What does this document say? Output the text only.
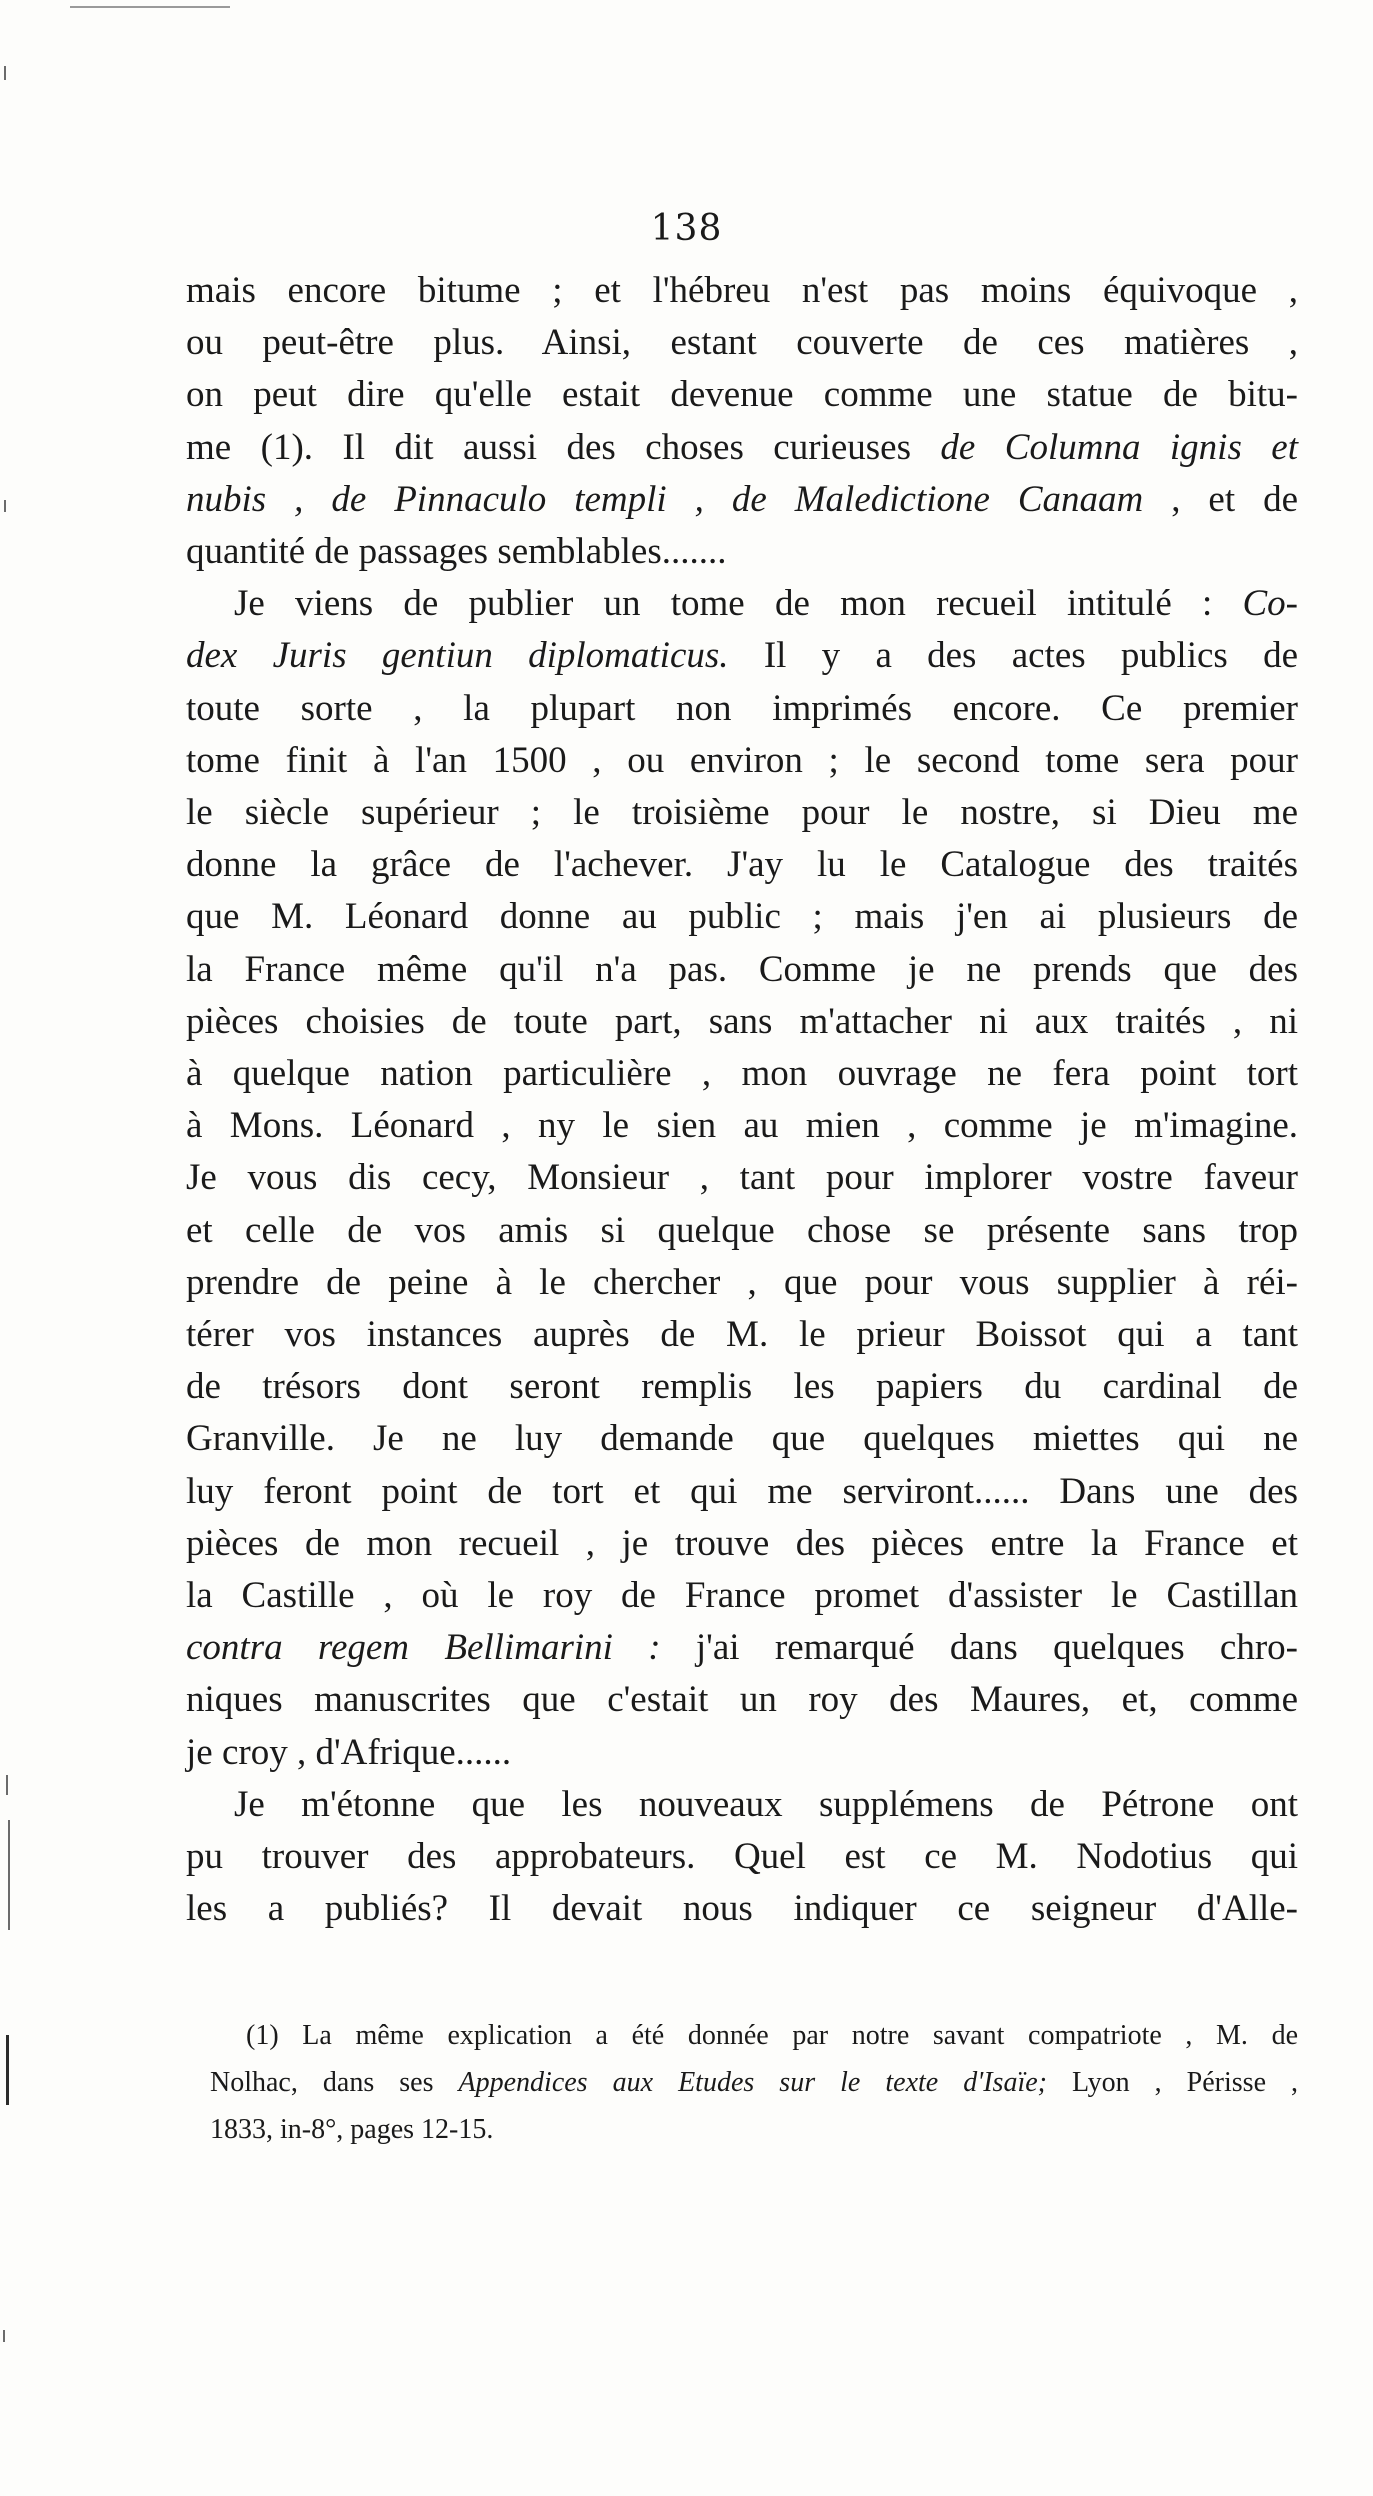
138
mais encore bitume ; et l'hébreu n'est pas moins équivoque ,
ou peut-être plus. Ainsi, estant couverte de ces matières ,
on peut dire qu'elle estait devenue comme une statue de bitu-
me (1). Il dit aussi des choses curieuses de Columna ignis et
nubis , de Pinnaculo templi , de Maledictione Canaam , et de
quantité de passages semblables.......
Je viens de publier un tome de mon recueil intitulé : Co-
dex Juris gentiun diplomaticus. Il y a des actes publics de
toute sorte , la plupart non imprimés encore. Ce premier
tome finit à l'an 1500 , ou environ ; le second tome sera pour
le siècle supérieur ; le troisième pour le nostre, si Dieu me
donne la grâce de l'achever. J'ay lu le Catalogue des traités
que M. Léonard donne au public ; mais j'en ai plusieurs de
la France même qu'il n'a pas. Comme je ne prends que des
pièces choisies de toute part, sans m'attacher ni aux traités , ni
à quelque nation particulière , mon ouvrage ne fera point tort
à Mons. Léonard , ny le sien au mien , comme je m'imagine.
Je vous dis cecy, Monsieur , tant pour implorer vostre faveur
et celle de vos amis si quelque chose se présente sans trop
prendre de peine à le chercher , que pour vous supplier à réi-
térer vos instances auprès de M. le prieur Boissot qui a tant
de trésors dont seront remplis les papiers du cardinal de
Granville. Je ne luy demande que quelques miettes qui ne
luy feront point de tort et qui me serviront...... Dans une des
pièces de mon recueil , je trouve des pièces entre la France et
la Castille , où le roy de France promet d'assister le Castillan
contra regem Bellimarini : j'ai remarqué dans quelques chro-
niques manuscrites que c'estait un roy des Maures, et, comme
je croy , d'Afrique......
Je m'étonne que les nouveaux supplémens de Pétrone ont
pu trouver des approbateurs. Quel est ce M. Nodotius qui
les a publiés? Il devait nous indiquer ce seigneur d'Alle-
(1) La même explication a été donnée par notre savant compatriote , M. de
Nolhac, dans ses Appendices aux Etudes sur le texte d'Isaïe; Lyon , Périsse ,
1833, in-8°, pages 12-15.
